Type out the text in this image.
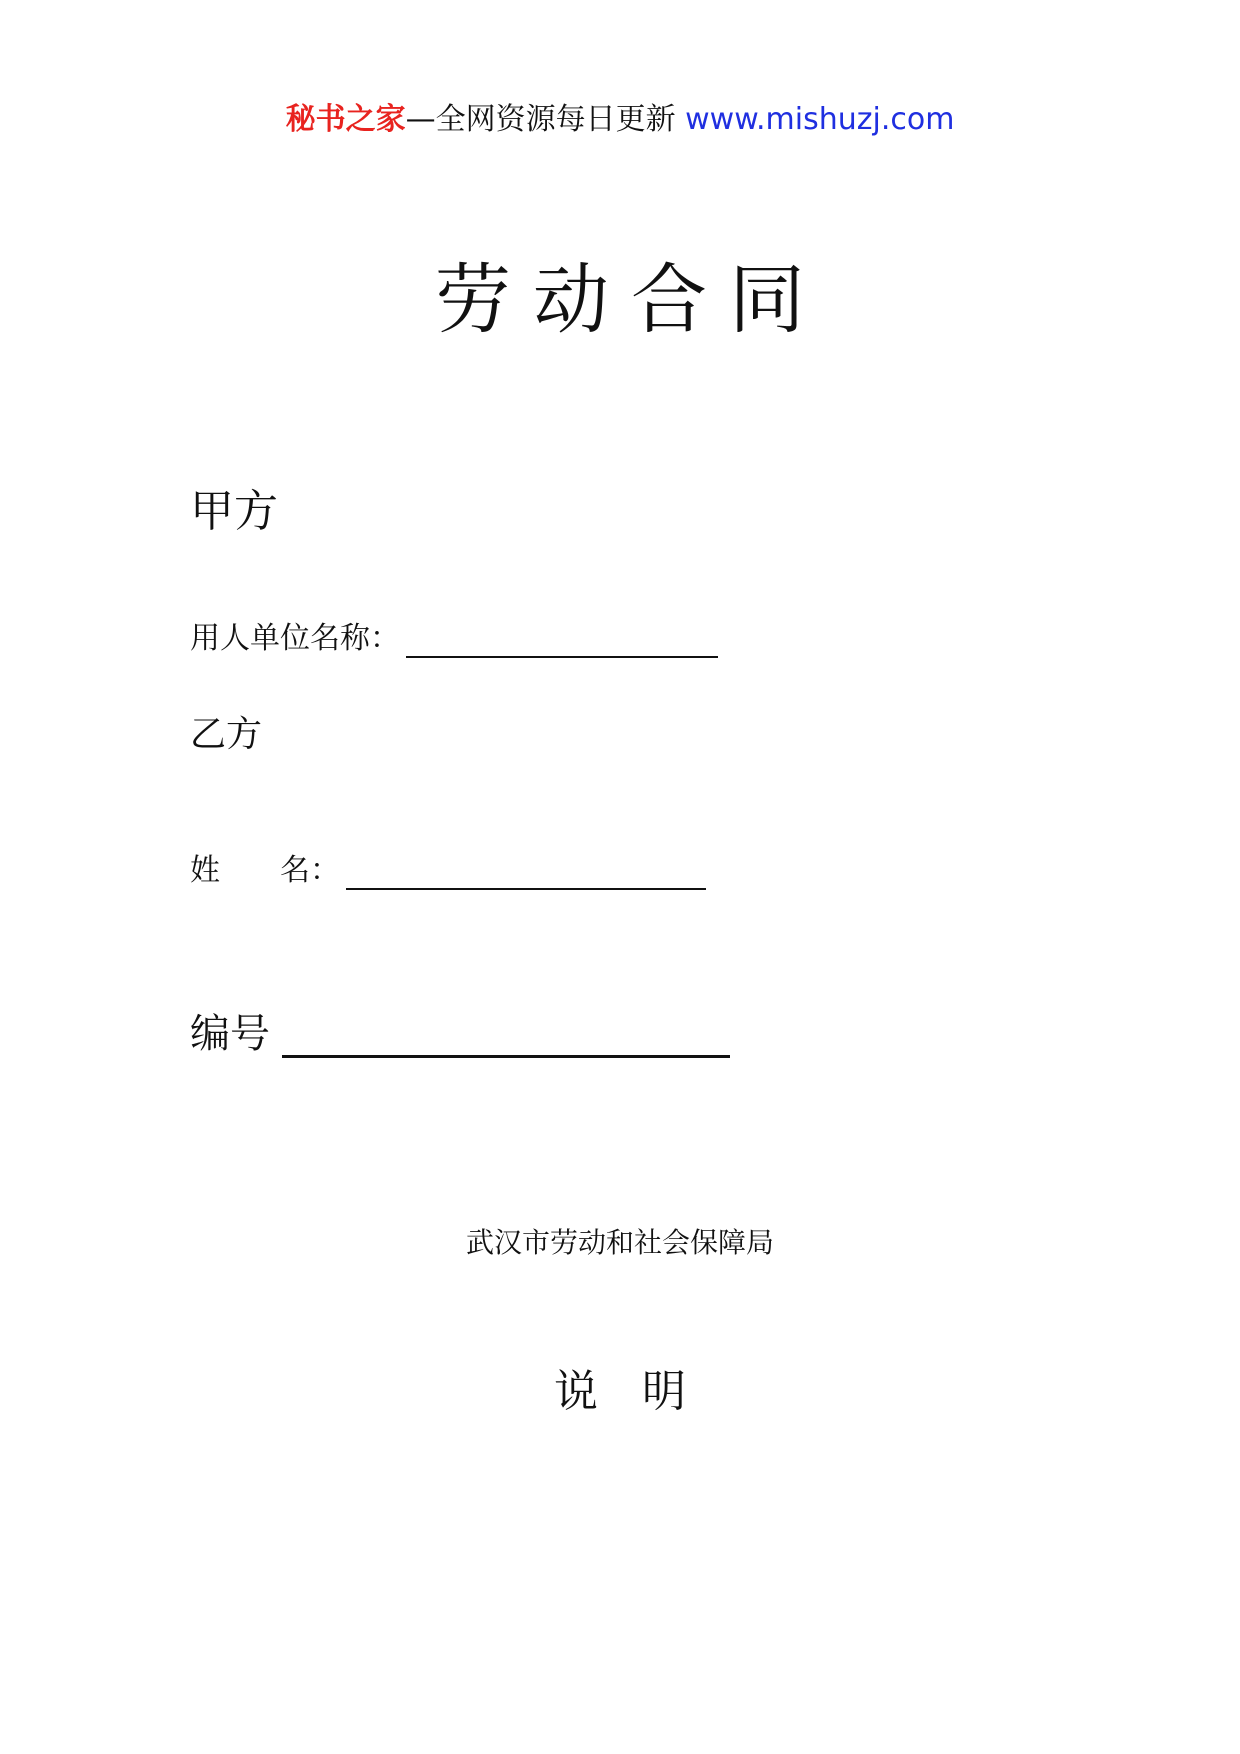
秘书之家—全网资源每日更新 www.mishuzj.com
劳动合同
甲方
用人单位名称：
乙方
姓　　名：
编号
武汉市劳动和社会保障局
说明
